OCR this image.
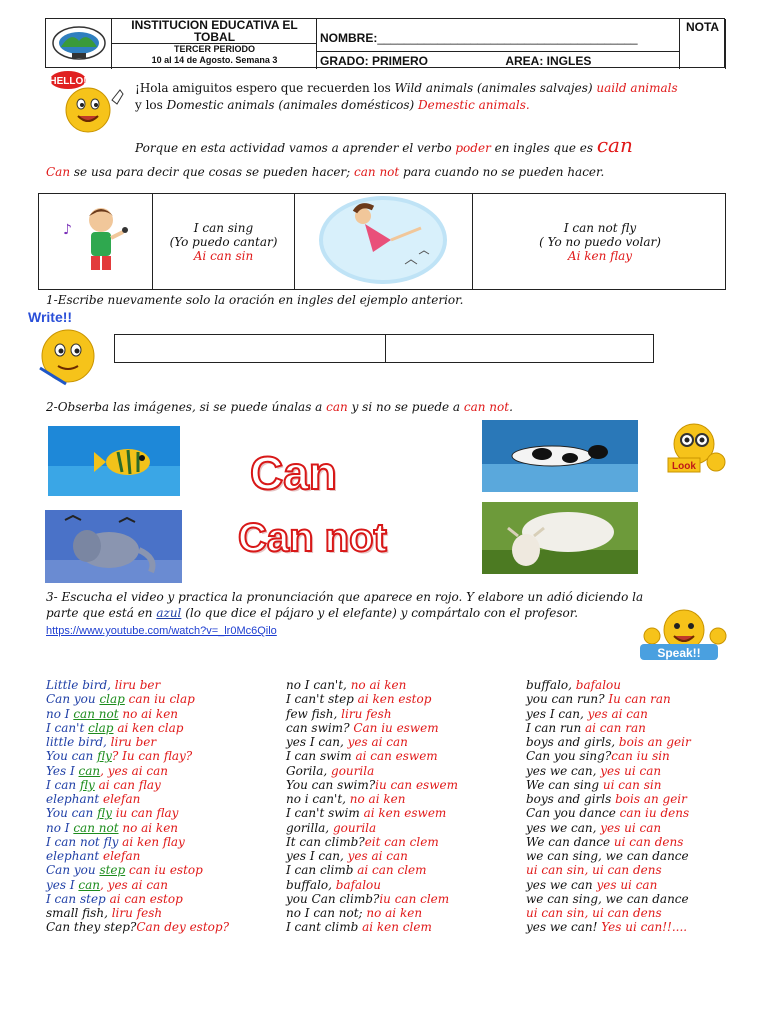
INSTITUCION EDUCATIVA EL
TOBAL
TERCER PERIODO
10 al 14 de Agosto. Semana 3
NOMBRE:_______________________________________
GRADO: PRIMERO	AREA: INGLES
NOTA
HELLO!	¡Hola amiguitos espero que recuerden los Wild animals (animales salvajes) uaild animals
y los Domestic animals (animales domésticos) Demestic animals.
Porque en esta actividad vamos a aprender el verbo poder en ingles que es can
Can se usa para decir que cosas se pueden hacer; can not para cuando no se pueden hacer.
♪	I can sing
(Yo puedo cantar)
Ai can sin
I can not fly
( Yo no puedo volar)
Ai ken flay
1-Escribe nuevamente solo la oración en ingles del ejemplo anterior.
Write!!
2-Obserba las imágenes, si se puede únalas a can y si no se puede a can not.
Look
Can
Can not
3- Escucha el video y practica la pronunciación que aparece en rojo. Y elabore un adió diciendo la
parte que está en azul (lo que dice el pájaro y el elefante) y compártalo con el profesor.
https://www.youtube.com/watch?v=_lr0Mc6Qilo
Speak!!
Little bird, liru ber
Can you clap can iu clap
no I can not no ai ken
I can't clap ai ken clap
little bird, liru ber
You can fly? Iu can flay?
Yes I can, yes ai can
I can fly ai can flay
elephant elefan
You can fly iu can flay
no I can not no ai ken
I can not fly ai ken flay
elephant elefan
Can you step can iu estop
yes I can, yes ai can
I can step ai can estop
small fish, liru fesh
Can they step?Can dey estop?
no I can't, no ai ken
I can't step ai ken estop
few fish, liru fesh
can swim? Can iu eswem
yes I can, yes ai can
I can swim ai can eswem
Gorila, gourila
You can swim?iu can eswem
no i can't, no ai ken
I can't swim ai ken eswem
gorilla, gourila
It can climb?eit can clem
yes I can, yes ai can
I can climb ai can clem
buffalo, bafalou
you Can climb?iu can clem
no I can not; no ai ken
I cant climb ai ken clem
buffalo, bafalou
you can run? Iu can ran
yes I can, yes ai can
I can run ai can ran
boys and girls, bois an geir
Can you sing?can iu sin
yes we can, yes ui can
We can sing ui can sin
boys and girls bois an geir
Can you dance can iu dens
yes we can, yes ui can
We can dance ui can dens
we can sing, we can dance
ui can sin, ui can dens
yes we can yes ui can
we can sing, we can dance
ui can sin, ui can dens
yes we can! Yes ui can!!....
